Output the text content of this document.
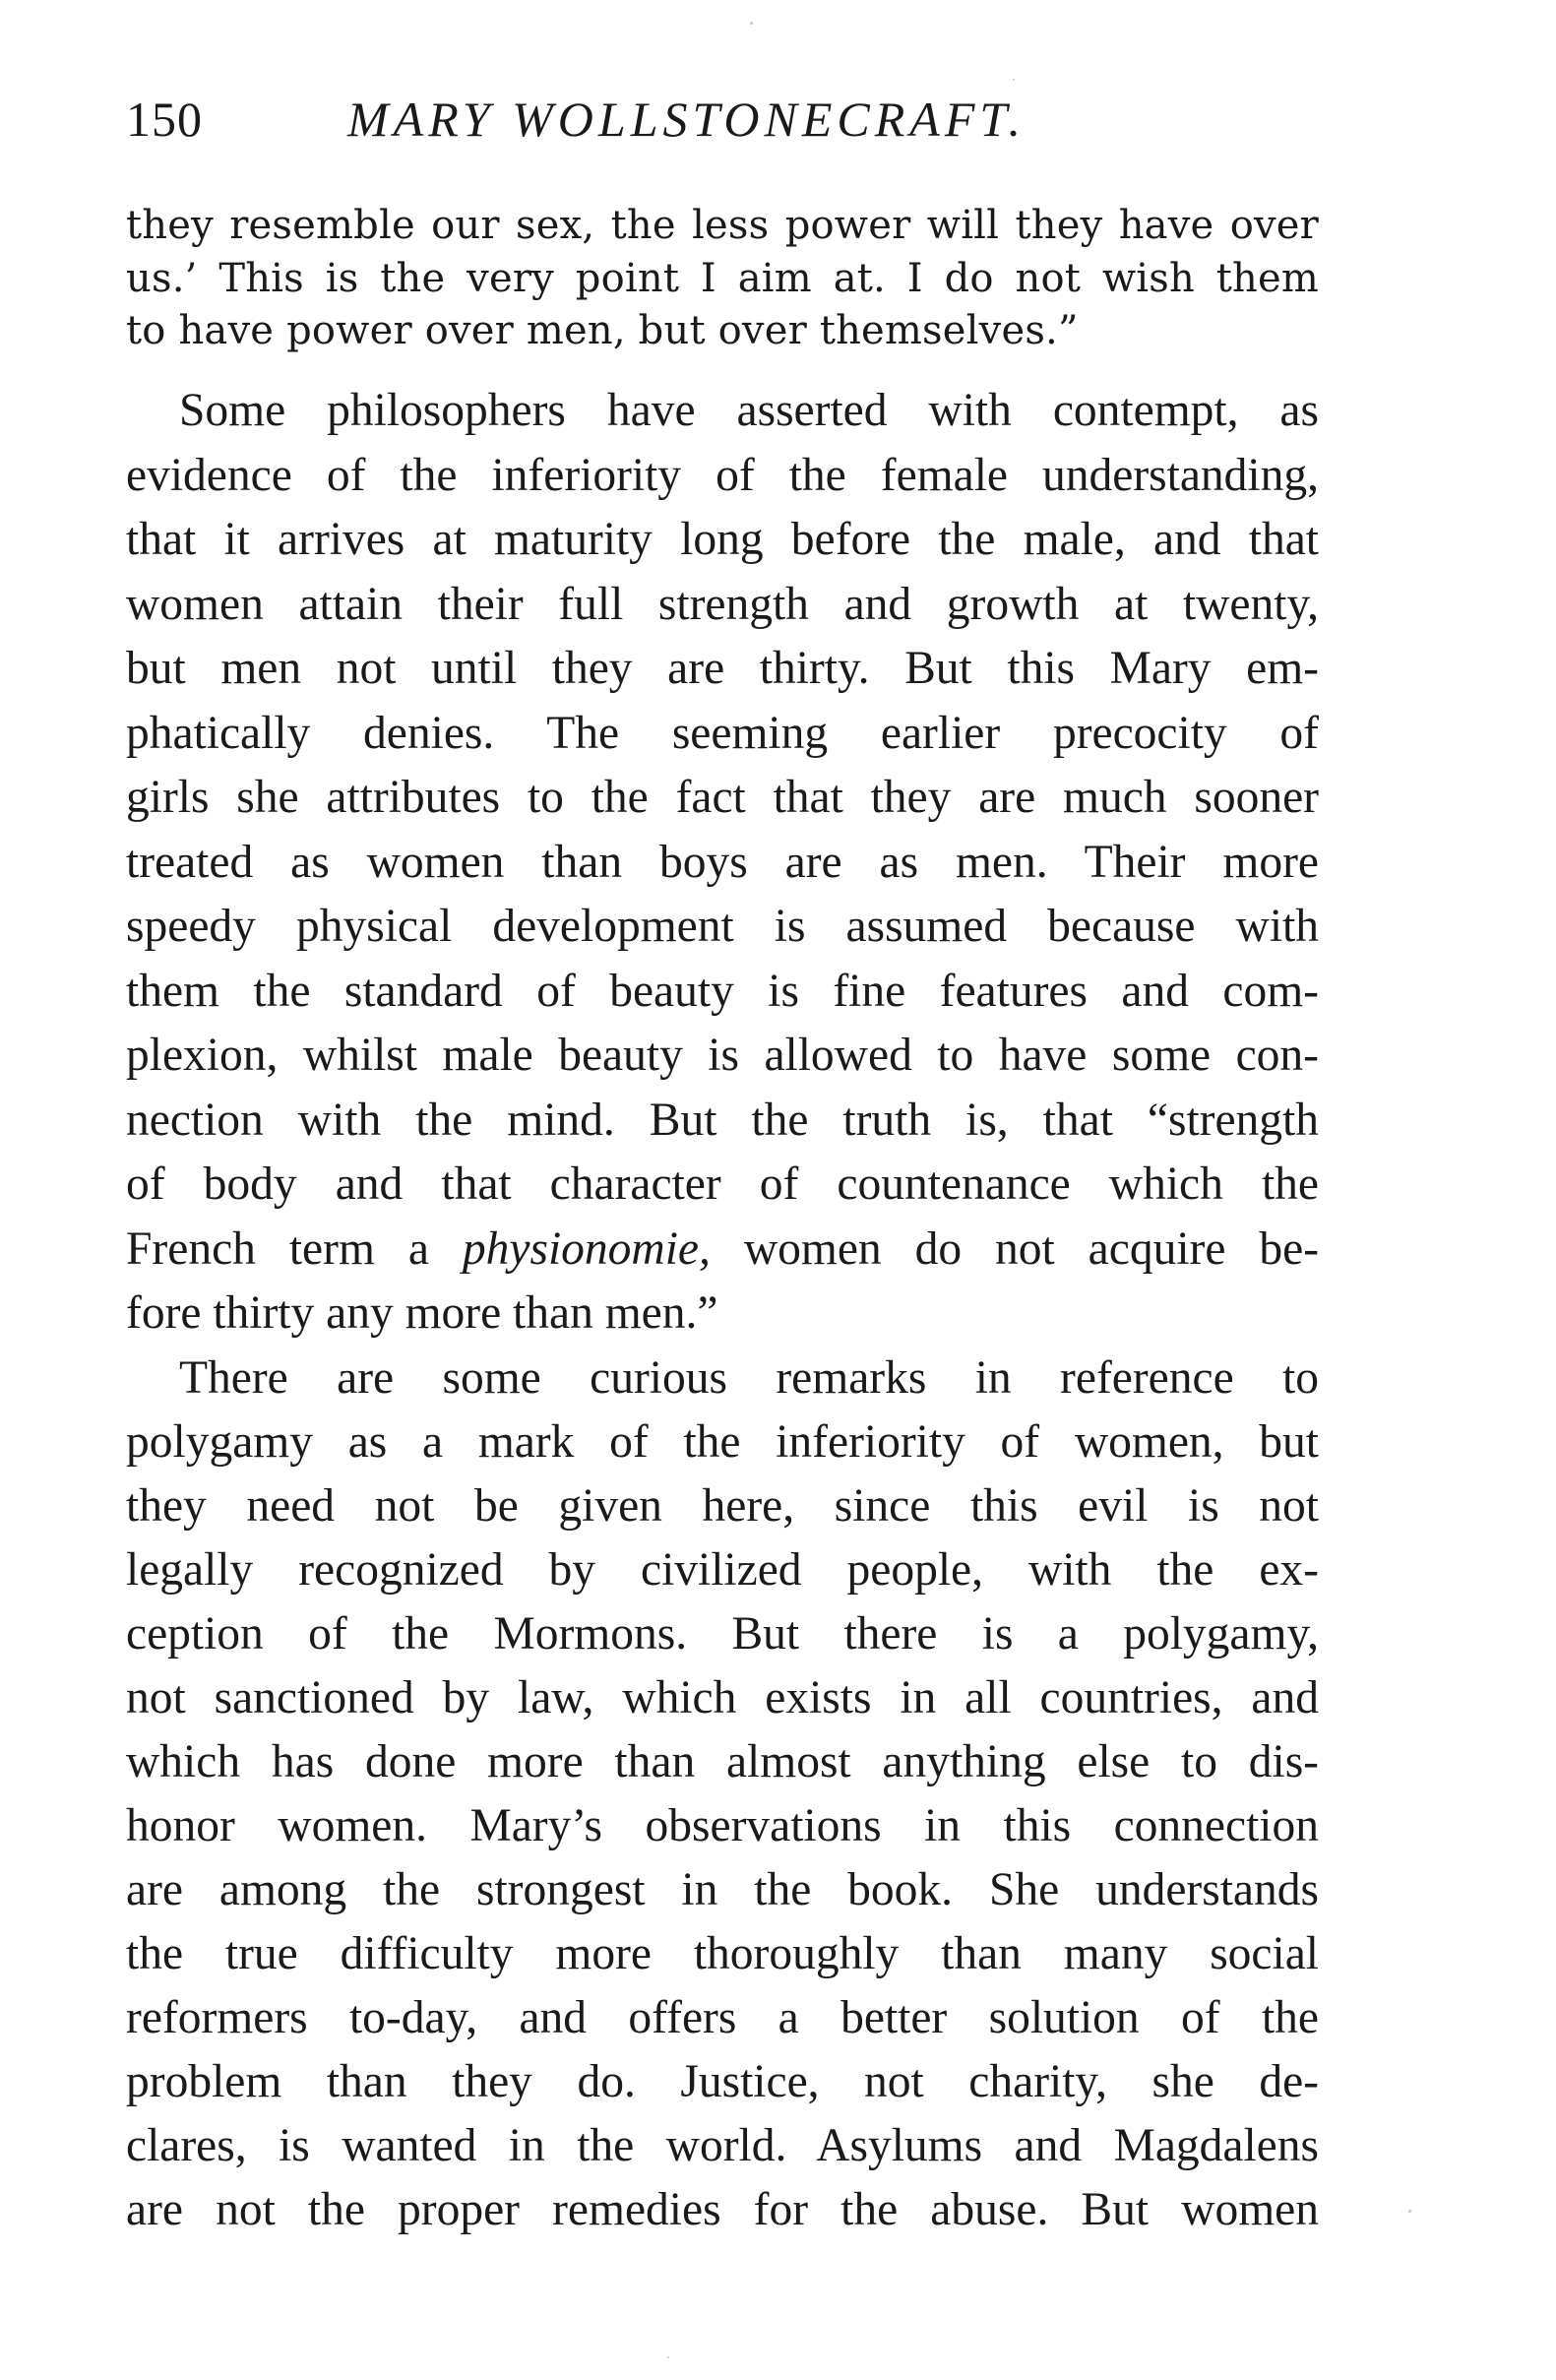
150	MARY WOLLSTONECRAFT.
they resemble our sex, the less power will they have over
us.’ This is the very point I aim at. I do not wish them
to have power over men, but over themselves.”
Some philosophers have asserted with contempt, as
evidence of the inferiority of the female understanding,
that it arrives at maturity long before the male, and that
women attain their full strength and growth at twenty,
but men not until they are thirty. But this Mary em-
phatically denies. The seeming earlier precocity of
girls she attributes to the fact that they are much sooner
treated as women than boys are as men. Their more
speedy physical development is assumed because with
them the standard of beauty is fine features and com-
plexion, whilst male beauty is allowed to have some con-
nection with the mind. But the truth is, that “strength
of body and that character of countenance which the
French term a physionomie, women do not acquire be-
fore thirty any more than men.”
There are some curious remarks in reference to
polygamy as a mark of the inferiority of women, but
they need not be given here, since this evil is not
legally recognized by civilized people, with the ex-
ception of the Mormons. But there is a polygamy,
not sanctioned by law, which exists in all countries, and
which has done more than almost anything else to dis-
honor women. Mary’s observations in this connection
are among the strongest in the book. She understands
the true difficulty more thoroughly than many social
reformers to-day, and offers a better solution of the
problem than they do. Justice, not charity, she de-
clares, is wanted in the world. Asylums and Magdalens
are not the proper remedies for the abuse. But women
